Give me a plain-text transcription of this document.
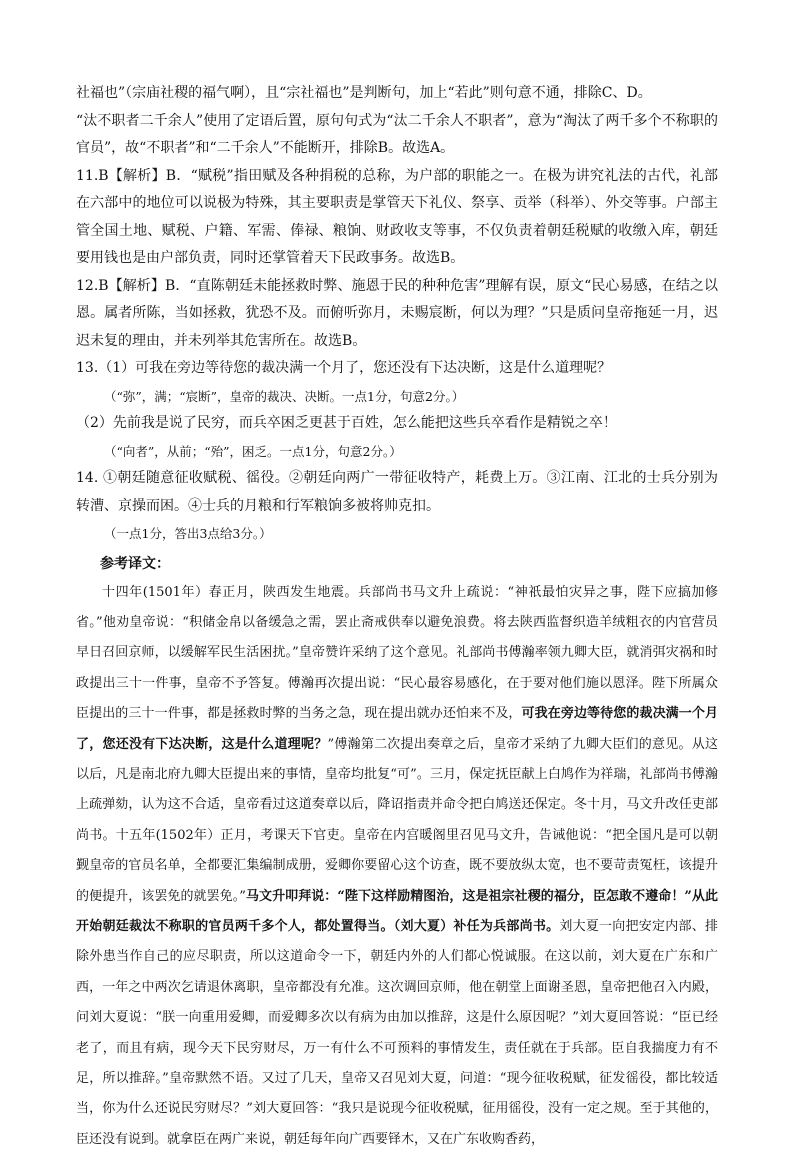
社福也”（宗庙社稷的福气啊），且“宗社福也”是判断句，加上“若此”则句意不通，排除C、D。

“汰不职者二千余人”使用了定语后置，原句句式为“汰二千余人不职者”，意为“淘汰了两千多个不称职的官员”，故“不职者”和“二千余人”不能断开，排除B。故选A。

11.B【解析】B．“赋税”指田赋及各种捐税的总称，为户部的职能之一。在极为讲究礼法的古代，礼部在六部中的地位可以说极为特殊，其主要职责是掌管天下礼仪、祭享、贡举（科举）、外交等事。户部主管全国土地、赋税、户籍、军需、俸禄、粮饷、财政收支等事，不仅负责着朝廷税赋的收缴入库，朝廷要用钱也是由户部负责，同时还掌管着天下民政事务。故选B。

12.B【解析】B．“直陈朝廷未能拯救时弊、施恩于民的种种危害”理解有误，原文“民心易感，在结之以恩。属者所陈，当如拯救，犹恐不及。而俯听弥月，未赐宸断，何以为理？”只是质问皇帝拖延一月，迟迟未复的理由，并未列举其危害所在。故选B。

13.（1）可我在旁边等待您的裁决满一个月了，您还没有下达决断，这是什么道理呢？

（“弥”，满；“宸断”，皇帝的裁决、决断。一点1分，句意2分。）

（2）先前我是说了民穷，而兵卒困乏更甚于百姓，怎么能把这些兵卒看作是精锐之卒！

（“向者”，从前；“殆”，困乏。一点1分，句意2分。）

14. ①朝廷随意征收赋税、徭役。②朝廷向两广一带征收特产，耗费上万。③江南、江北的士兵分别为转漕、京操而困。④士兵的月粮和行军粮饷多被将帅克扣。

（一点1分，答出3点给3分。）

参考译文：

十四年(1501年）春正月，陕西发生地震。兵部尚书马文升上疏说：“神祇最怕灾异之事，陛下应搞加修省。”他劝皇帝说：“积储金帛以备缓急之需，罢止斋戒供奉以避免浪费。将去陕西监督织造羊绒粗衣的内官营员早日召回京师，以缓解军民生活困扰。”皇帝赞许采纳了这个意见。礼部尚书傅瀚率领九卿大臣，就消弭灾祸和时政提出三十一件事，皇帝不予答复。傅瀚再次提出说：“民心最容易感化，在于要对他们施以恩泽。陛下所属众臣提出的三十一件事，都是拯救时弊的当务之急，现在提出就办还怕来不及，可我在旁边等待您的裁决满一个月了，您还没有下达决断，这是什么道理呢？”傅瀚第二次提出奏章之后，皇帝才采纳了九卿大臣们的意见。从这以后，凡是南北府九卿大臣提出来的事情，皇帝均批复“可”。三月，保定抚臣献上白鸠作为祥瑞，礼部尚书傅瀚上疏弹劾，认为这不合适，皇帝看过这道奏章以后，降诏指责并命令把白鸠送还保定。冬十月，马文升改任吏部尚书。十五年(1502年）正月，考课天下官吏。皇帝在内宫暖阁里召见马文升，告诫他说：“把全国凡是可以朝觐皇帝的官员名单，全都要汇集编制成册，爱卿你要留心这个访查，既不要放纵太宽，也不要苛责冤枉，该提升的便提升，该罢免的就罢免。”马文升叩拜说：“陛下这样励精图治，这是祖宗社稷的福分，臣怎敢不遵命！”从此开始朝廷裁汰不称职的官员两千多个人，都处置得当。（刘大夏）补任为兵部尚书。刘大夏一向把安定内部、排除外患当作自己的应尽职责，所以这道命令一下，朝廷内外的人们都心悦诚服。在这以前，刘大夏在广东和广西，一年之中两次乞请退休离职，皇帝都没有允准。这次调回京师，他在朝堂上面谢圣恩，皇帝把他召入内殿，问刘大夏说：“朕一向重用爱卿，而爱卿多次以有病为由加以推辞，这是什么原因呢？”刘大夏回答说：“臣已经老了，而且有病，现今天下民穷财尽，万一有什么不可预料的事情发生，责任就在于兵部。臣自我揣度力有不足，所以推辞。”皇帝默然不语。又过了几天，皇帝又召见刘大夏，问道：“现今征收税赋，征发徭役，都比较适当，你为什么还说民穷财尽？”刘大夏回答：“我只是说现今征收税赋，征用徭役，没有一定之规。至于其他的，臣还没有说到。就拿臣在两广来说，朝廷每年向广西要铎木，又在广东收购香药，
